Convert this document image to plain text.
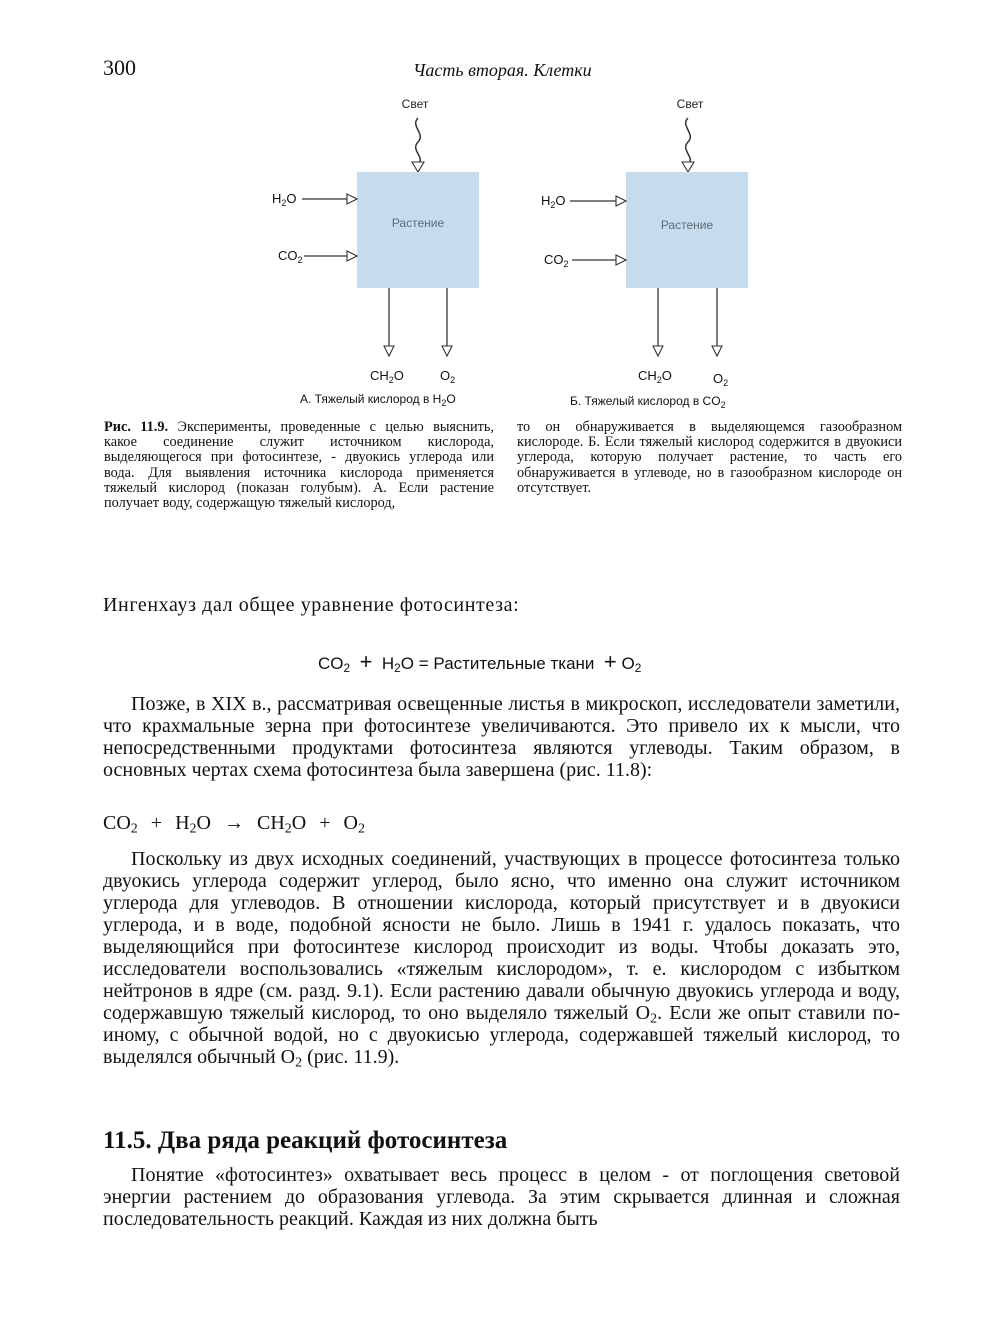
300	Часть вторая. Клетки
Свет
Растение
$H_2O$
$CO_2$
$CH_2O$	$O_2$
А. Тяжелый кислород в $H_2O$
Свет
Растение
$H_2O$
$CO_2$
$CH_2O$	$O_2$
Б. Тяжелый кислород в $CO_2$
Рис. 11.9. Эксперименты, проведенные с целью выяснить, какое соединение служит источником кислорода, выделяющегося при фотосинтезе, - двуокись углерода или вода. Для выявления источника кислорода применяется тяжелый кислород (показан голубым). А. Если растение получает воду, содержащую тяжелый кислород,
то он обнаруживается в выделяющемся газообразном кислороде. Б. Если тяжелый кислород содержится в двуокиси углерода, которую получает растение, то часть его обнаруживается в углеводе, но в газообразном кислороде он отсутствует.
Ингенхауз дал общее уравнение фотосинтеза:
$CO_2 + H_2O$ = Растительные ткани + $O_2$
Позже, в XIX в., рассматривая освещенные листья в микроскоп, исследователи заметили, что крахмальные зерна при фотосинтезе увеличиваются. Это привело их к мысли, что непосредственными продуктами фотосинтеза являются углеводы. Таким образом, в основных чертах схема фотосинтеза была завершена (рис. 11.8):
$CO_2 + H_2O \to CH_2O + O_2$
Поскольку из двух исходных соединений, участвующих в процессе фотосинтеза только двуокись углерода содержит углерод, было ясно, что именно она служит источником углерода для углеводов. В отношении кислорода, который присутствует и в двуокиси углерода, и в воде, подобной ясности не было. Лишь в 1941 г. удалось показать, что выделяющийся при фотосинтезе кислород происходит из воды. Чтобы доказать это, исследователи воспользовались «тяжелым кислородом», т. е. кислородом с избытком нейтронов в ядре (см. разд. 9.1). Если растению давали обычную двуокись углерода и воду, содержавшую тяжелый кислород, то оно выделяло тяжелый $O_2$. Если же опыт ставили по-иному, с обычной водой, но с двуокисью углерода, содержавшей тяжелый кислород, то выделялся обычный $O_2$ (рис. 11.9).
11.5. Два ряда реакций фотосинтеза
Понятие «фотосинтез» охватывает весь процесс в целом - от поглощения световой энергии растением до образования углевода. За этим скрывается длинная и сложная последовательность реакций. Каждая из них должна быть
